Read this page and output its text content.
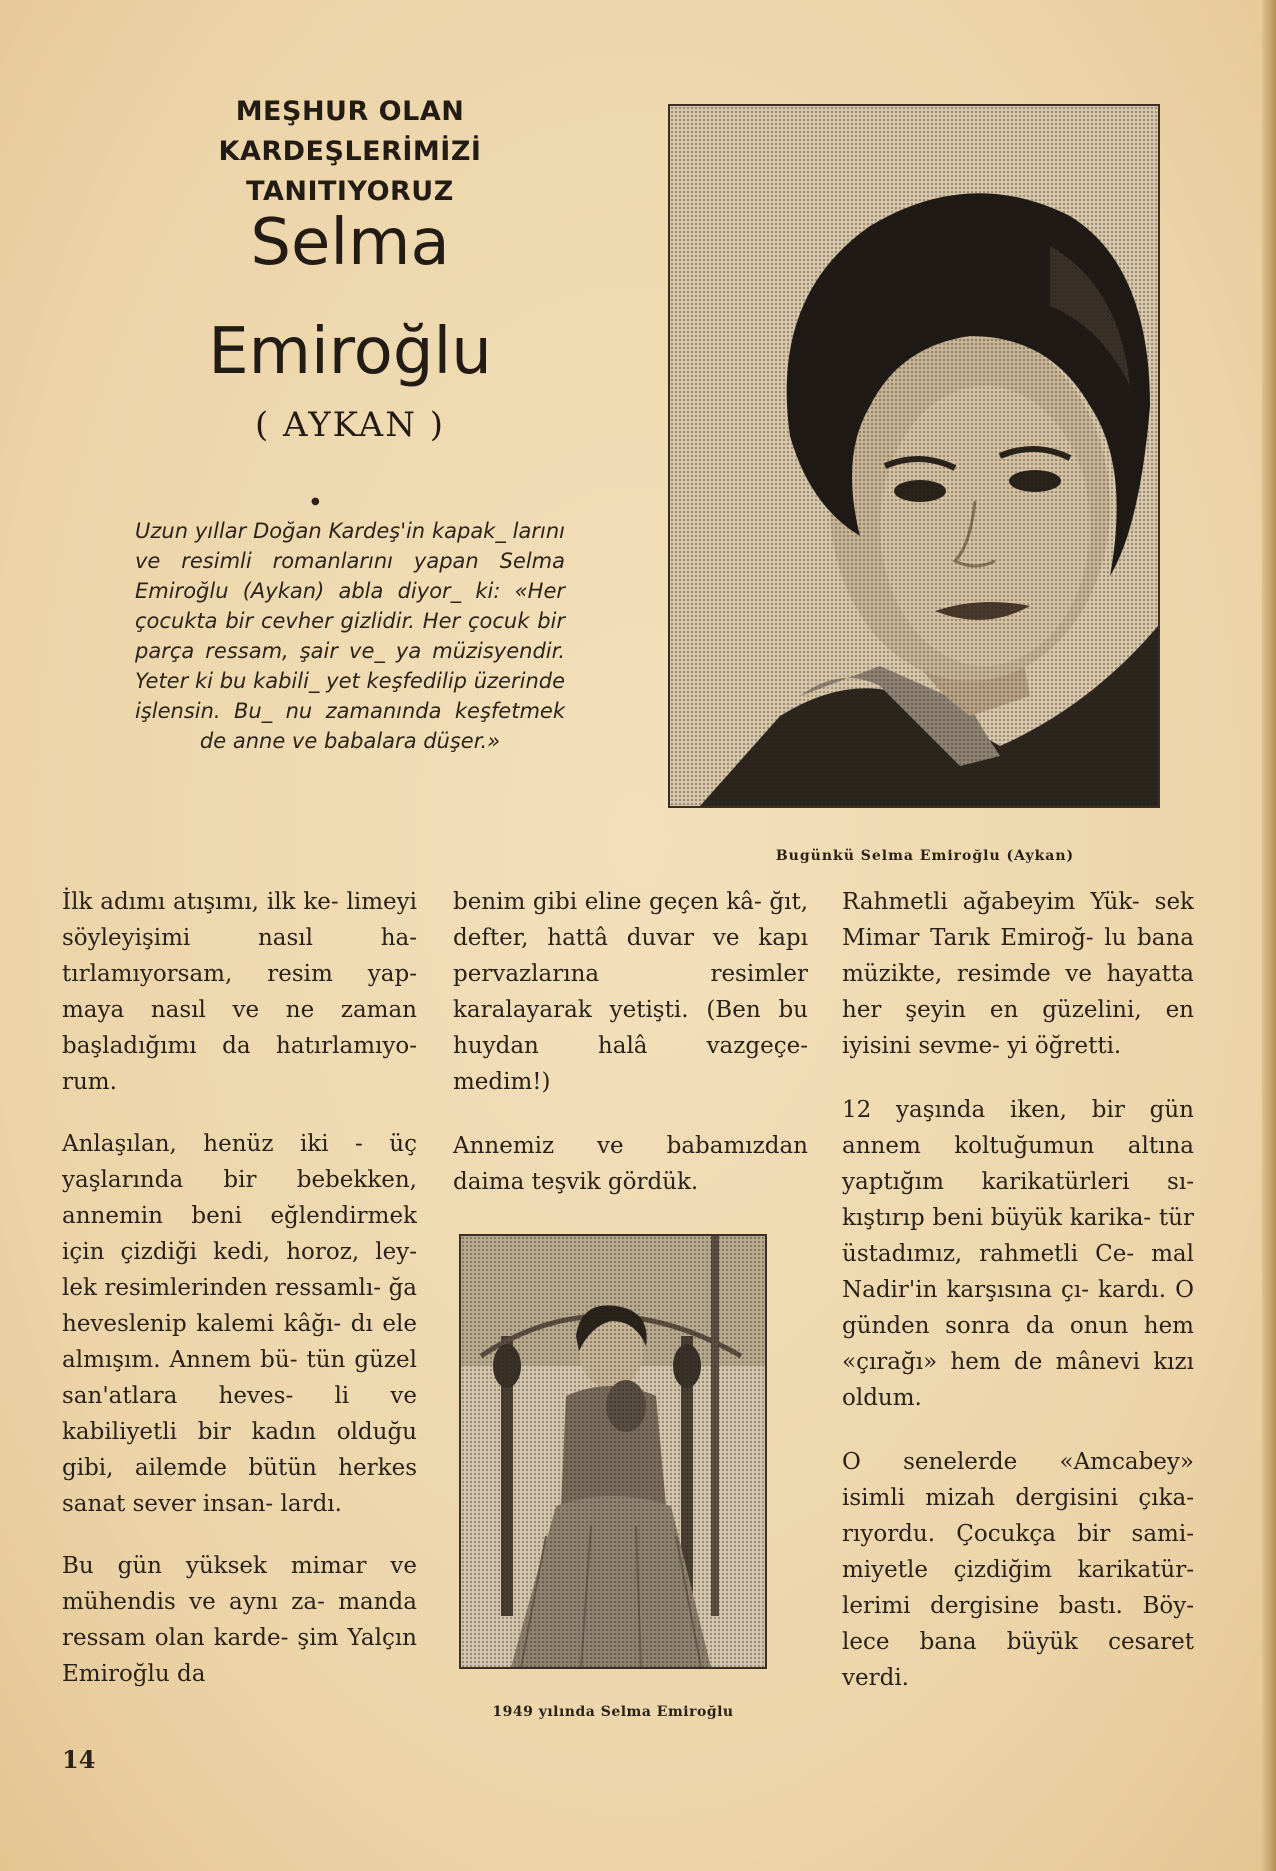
MEŞHUR OLAN KARDEŞLERİMİZİ
TANITIYORUZ
Selma
Emiroğlu
( AYKAN )
●
Uzun yıllar Doğan Kardeş'in kapak_ larını ve resimli romanlarını yapan Selma Emiroğlu (Aykan) abla diyor_ ki: «Her çocukta bir cevher gizlidir. Her çocuk bir parça ressam, şair ve_ ya müzisyendir. Yeter ki bu kabili_ yet keşfedilip üzerinde işlensin. Bu_ nu zamanında keşfetmek de anne ve babalara düşer.»
Bugünkü Selma Emiroğlu (Aykan)
1949 yılında Selma Emiroğlu

İlk adımı atışımı, ilk ke- limeyi söyleyişimi nasıl ha- tırlamıyorsam, resim yap- maya nasıl ve ne zaman başladığımı da hatırlamıyo- rum.

Anlaşılan, henüz iki - üç yaşlarında bir bebekken, annemin beni eğlendirmek için çizdiği kedi, horoz, ley- lek resimlerinden ressamlı- ğa heveslenip kalemi kâğı- dı ele almışım. Annem bü- tün güzel san'atlara heves- li ve kabiliyetli bir kadın olduğu gibi, ailemde bütün herkes sanat sever insan- lardı.

Bu gün yüksek mimar ve mühendis ve aynı za- manda ressam olan karde- şim Yalçın Emiroğlu da

benim gibi eline geçen kâ- ğıt, defter, hattâ duvar ve kapı pervazlarına resimler karalayarak yetişti. (Ben bu huydan halâ vazgeçe- medim!)

Annemiz ve babamızdan daima teşvik gördük.

Rahmetli ağabeyim Yük- sek Mimar Tarık Emiroğ- lu bana müzikte, resimde ve hayatta her şeyin en güzelini, en iyisini sevme- yi öğretti.

12 yaşında iken, bir gün annem koltuğumun altına yaptığım karikatürleri sı- kıştırıp beni büyük karika- tür üstadımız, rahmetli Ce- mal Nadir'in karşısına çı- kardı. O günden sonra da onun hem «çırağı» hem de mânevi kızı oldum.

O senelerde «Amcabey» isimli mizah dergisini çıka- rıyordu. Çocukça bir sami- miyetle çizdiğim karikatür- lerimi dergisine bastı. Böy- lece bana büyük cesaret verdi.

14
